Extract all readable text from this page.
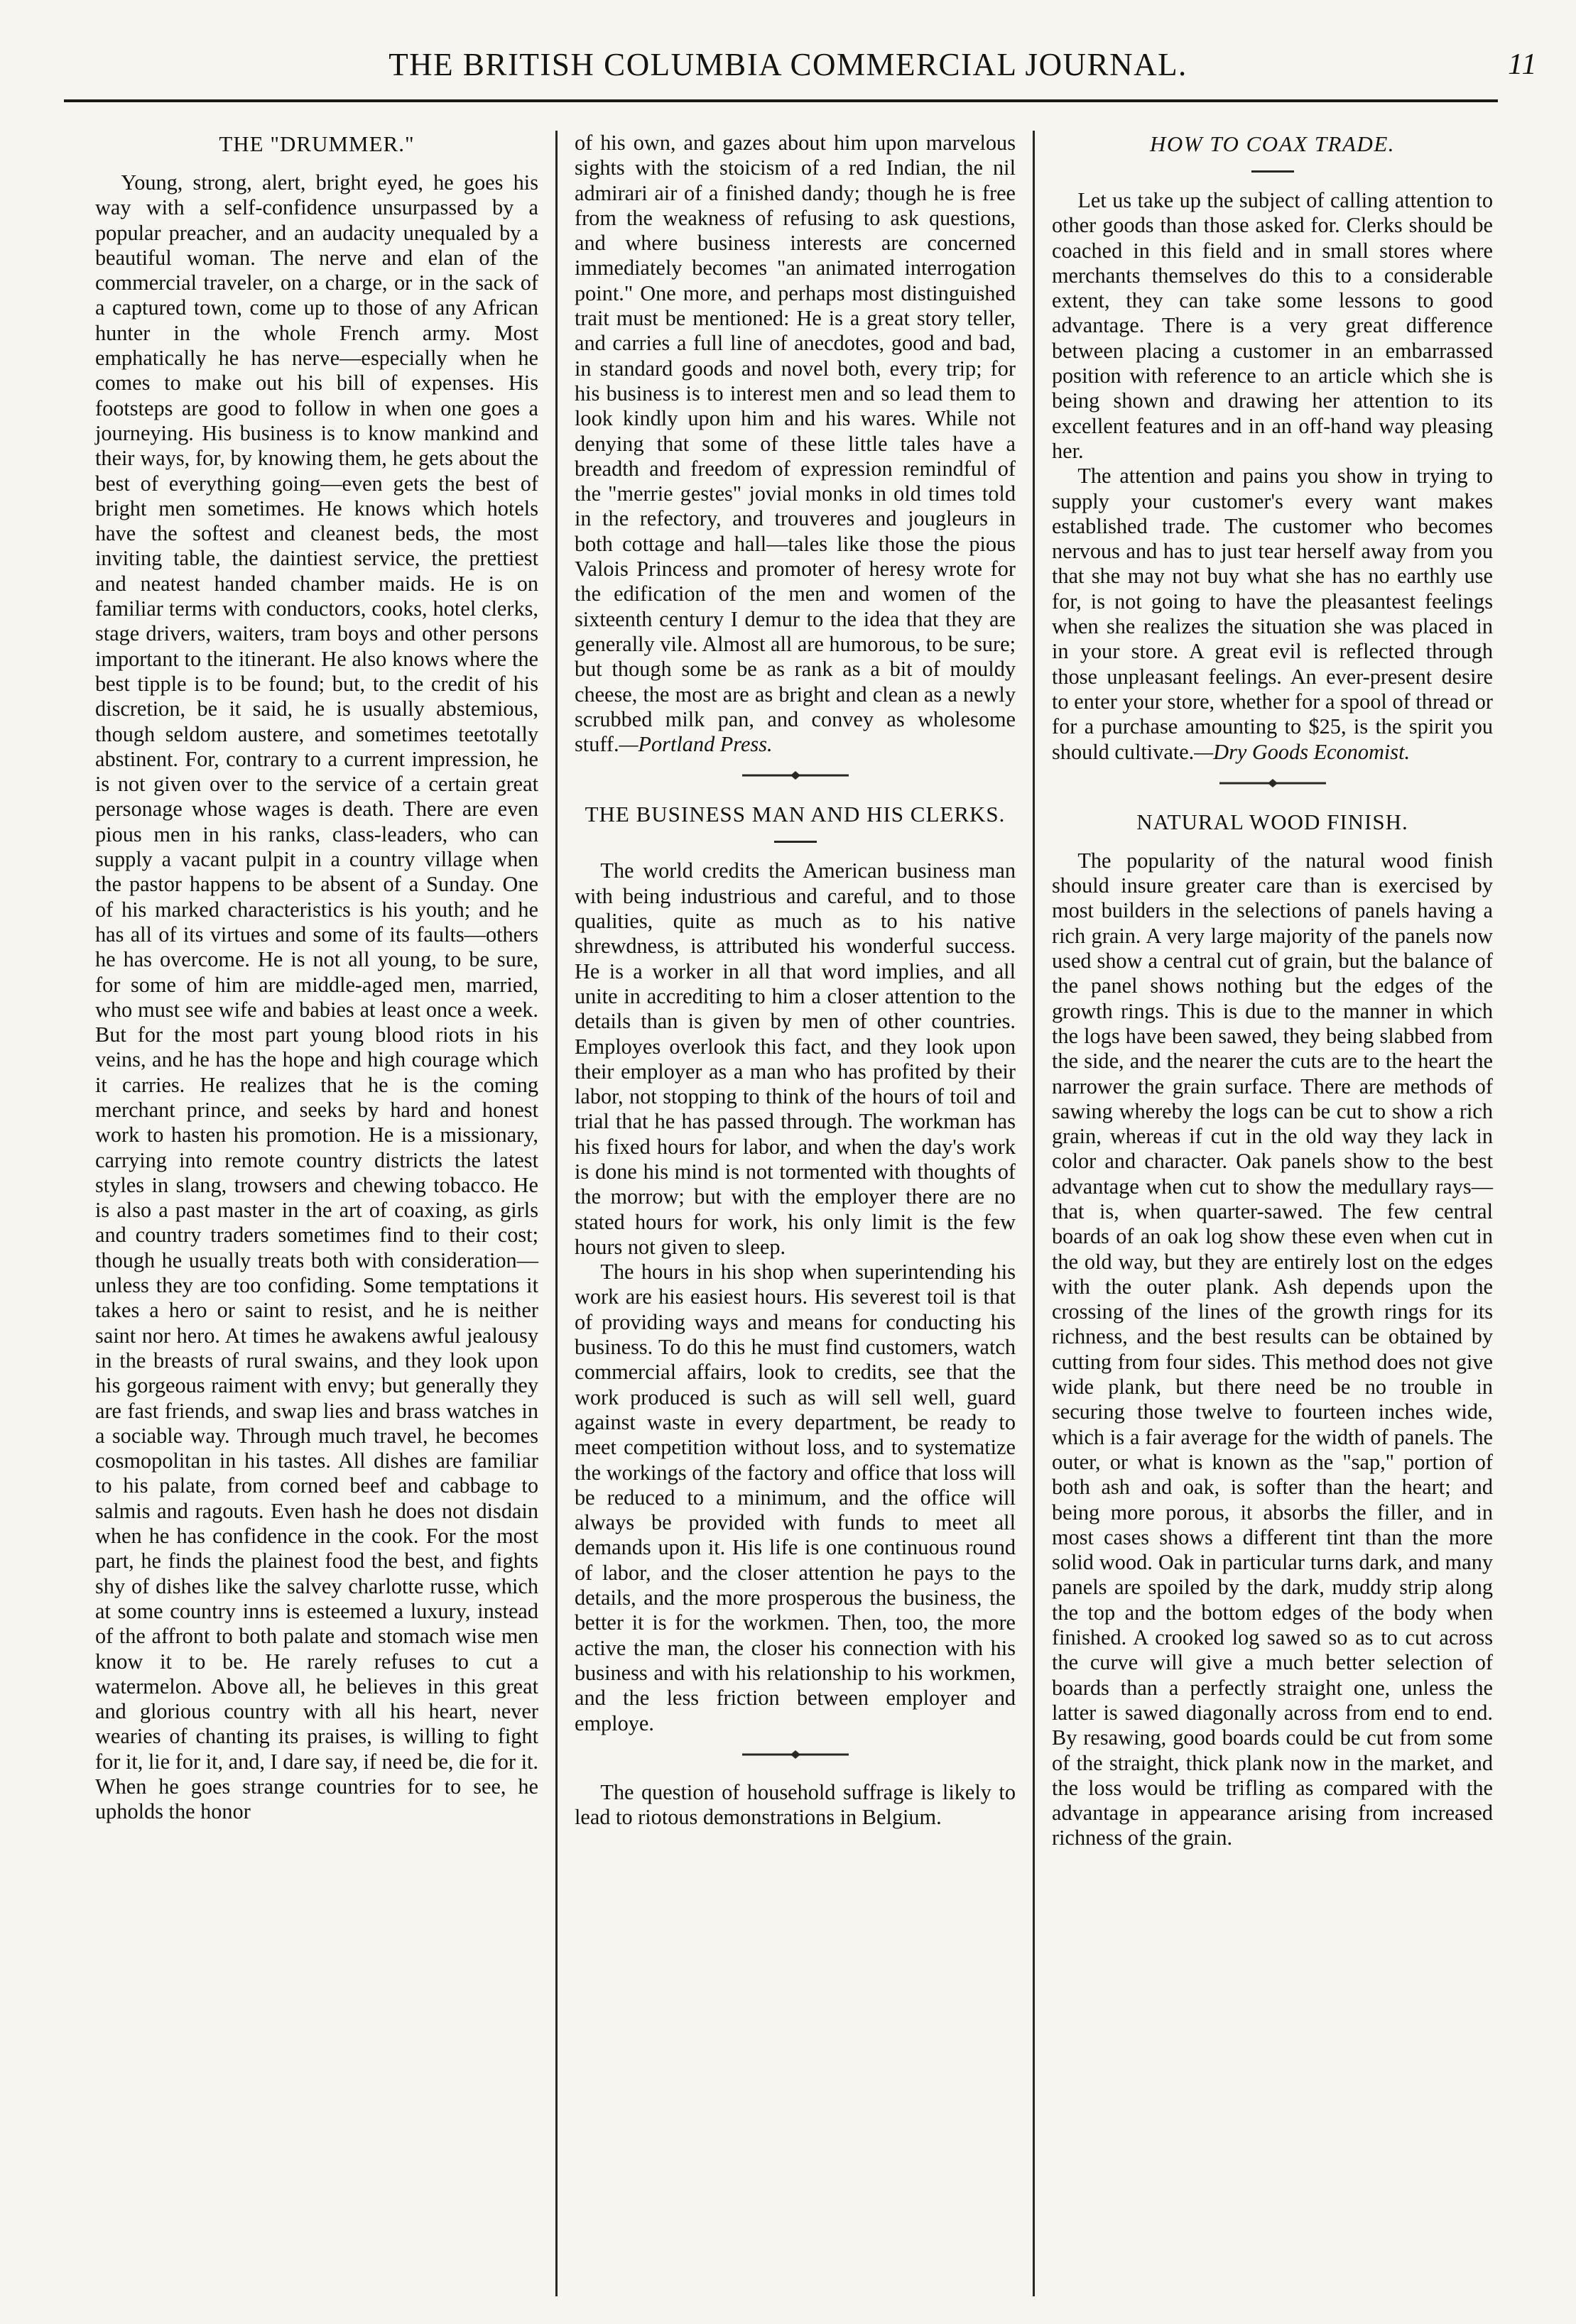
THE BRITISH COLUMBIA COMMERCIAL JOURNAL.	11
THE "DRUMMER."

Young, strong, alert, bright eyed, he goes his way with a self-confidence unsurpassed by a popular preacher, and an audacity unequaled by a beautiful woman. The nerve and elan of the commercial traveler, on a charge, or in the sack of a captured town, come up to those of any African hunter in the whole French army. Most emphatically he has nerve—especially when he comes to make out his bill of expenses. His footsteps are good to follow in when one goes a journeying. His business is to know mankind and their ways, for, by knowing them, he gets about the best of everything going—even gets the best of bright men sometimes. He knows which hotels have the softest and cleanest beds, the most inviting table, the daintiest service, the prettiest and neatest handed chamber maids. He is on familiar terms with conductors, cooks, hotel clerks, stage drivers, waiters, tram boys and other persons important to the itinerant. He also knows where the best tipple is to be found; but, to the credit of his discretion, be it said, he is usually abstemious, though seldom austere, and sometimes teetotally abstinent. For, contrary to a current impression, he is not given over to the service of a certain great personage whose wages is death. There are even pious men in his ranks, class-leaders, who can supply a vacant pulpit in a country village when the pastor happens to be absent of a Sunday. One of his marked characteristics is his youth; and he has all of its virtues and some of its faults—others he has overcome. He is not all young, to be sure, for some of him are middle-aged men, married, who must see wife and babies at least once a week. But for the most part young blood riots in his veins, and he has the hope and high courage which it carries. He realizes that he is the coming merchant prince, and seeks by hard and honest work to hasten his promotion. He is a missionary, carrying into remote country districts the latest styles in slang, trowsers and chewing tobacco. He is also a past master in the art of coaxing, as girls and country traders sometimes find to their cost; though he usually treats both with consideration—unless they are too confiding. Some temptations it takes a hero or saint to resist, and he is neither saint nor hero. At times he awakens awful jealousy in the breasts of rural swains, and they look upon his gorgeous raiment with envy; but generally they are fast friends, and swap lies and brass watches in a sociable way. Through much travel, he becomes cosmopolitan in his tastes. All dishes are familiar to his palate, from corned beef and cabbage to salmis and ragouts. Even hash he does not disdain when he has confidence in the cook. For the most part, he finds the plainest food the best, and fights shy of dishes like the salvey charlotte russe, which at some country inns is esteemed a luxury, instead of the affront to both palate and stomach wise men know it to be. He rarely refuses to cut a watermelon. Above all, he believes in this great and glorious country with all his heart, never wearies of chanting its praises, is willing to fight for it, lie for it, and, I dare say, if need be, die for it. When he goes strange countries for to see, he upholds the honor

of his own, and gazes about him upon marvelous sights with the stoicism of a red Indian, the nil admirari air of a finished dandy; though he is free from the weakness of refusing to ask questions, and where business interests are concerned immediately becomes "an animated interrogation point." One more, and perhaps most distinguished trait must be mentioned: He is a great story teller, and carries a full line of anecdotes, good and bad, in standard goods and novel both, every trip; for his business is to interest men and so lead them to look kindly upon him and his wares. While not denying that some of these little tales have a breadth and freedom of expression remindful of the "merrie gestes" jovial monks in old times told in the refectory, and trouveres and jougleurs in both cottage and hall—tales like those the pious Valois Princess and promoter of heresy wrote for the edification of the men and women of the sixteenth century I demur to the idea that they are generally vile. Almost all are humorous, to be sure; but though some be as rank as a bit of mouldy cheese, the most are as bright and clean as a newly scrubbed milk pan, and convey as wholesome stuff.—Portland Press.

THE BUSINESS MAN AND HIS CLERKS.

The world credits the American business man with being industrious and careful, and to those qualities, quite as much as to his native shrewdness, is attributed his wonderful success. He is a worker in all that word implies, and all unite in accrediting to him a closer attention to the details than is given by men of other countries. Employes overlook this fact, and they look upon their employer as a man who has profited by their labor, not stopping to think of the hours of toil and trial that he has passed through. The workman has his fixed hours for labor, and when the day's work is done his mind is not tormented with thoughts of the morrow; but with the employer there are no stated hours for work, his only limit is the few hours not given to sleep.

The hours in his shop when superintending his work are his easiest hours. His severest toil is that of providing ways and means for conducting his business. To do this he must find customers, watch commercial affairs, look to credits, see that the work produced is such as will sell well, guard against waste in every department, be ready to meet competition without loss, and to systematize the workings of the factory and office that loss will be reduced to a minimum, and the office will always be provided with funds to meet all demands upon it. His life is one continuous round of labor, and the closer attention he pays to the details, and the more prosperous the business, the better it is for the workmen. Then, too, the more active the man, the closer his connection with his business and with his relationship to his workmen, and the less friction between employer and employe.

The question of household suffrage is likely to lead to riotous demonstrations in Belgium.

HOW TO COAX TRADE.

Let us take up the subject of calling attention to other goods than those asked for. Clerks should be coached in this field and in small stores where merchants themselves do this to a considerable extent, they can take some lessons to good advantage. There is a very great difference between placing a customer in an embarrassed position with reference to an article which she is being shown and drawing her attention to its excellent features and in an off-hand way pleasing her.

The attention and pains you show in trying to supply your customer's every want makes established trade. The customer who becomes nervous and has to just tear herself away from you that she may not buy what she has no earthly use for, is not going to have the pleasantest feelings when she realizes the situation she was placed in in your store. A great evil is reflected through those unpleasant feelings. An ever-present desire to enter your store, whether for a spool of thread or for a purchase amounting to $25, is the spirit you should cultivate.—Dry Goods Economist.

NATURAL WOOD FINISH.

The popularity of the natural wood finish should insure greater care than is exercised by most builders in the selections of panels having a rich grain. A very large majority of the panels now used show a central cut of grain, but the balance of the panel shows nothing but the edges of the growth rings. This is due to the manner in which the logs have been sawed, they being slabbed from the side, and the nearer the cuts are to the heart the narrower the grain surface. There are methods of sawing whereby the logs can be cut to show a rich grain, whereas if cut in the old way they lack in color and character. Oak panels show to the best advantage when cut to show the medullary rays—that is, when quarter-sawed. The few central boards of an oak log show these even when cut in the old way, but they are entirely lost on the edges with the outer plank. Ash depends upon the crossing of the lines of the growth rings for its richness, and the best results can be obtained by cutting from four sides. This method does not give wide plank, but there need be no trouble in securing those twelve to fourteen inches wide, which is a fair average for the width of panels. The outer, or what is known as the "sap," portion of both ash and oak, is softer than the heart; and being more porous, it absorbs the filler, and in most cases shows a different tint than the more solid wood. Oak in particular turns dark, and many panels are spoiled by the dark, muddy strip along the top and the bottom edges of the body when finished. A crooked log sawed so as to cut across the curve will give a much better selection of boards than a perfectly straight one, unless the latter is sawed diagonally across from end to end. By resawing, good boards could be cut from some of the straight, thick plank now in the market, and the loss would be trifling as compared with the advantage in appearance arising from increased richness of the grain.
